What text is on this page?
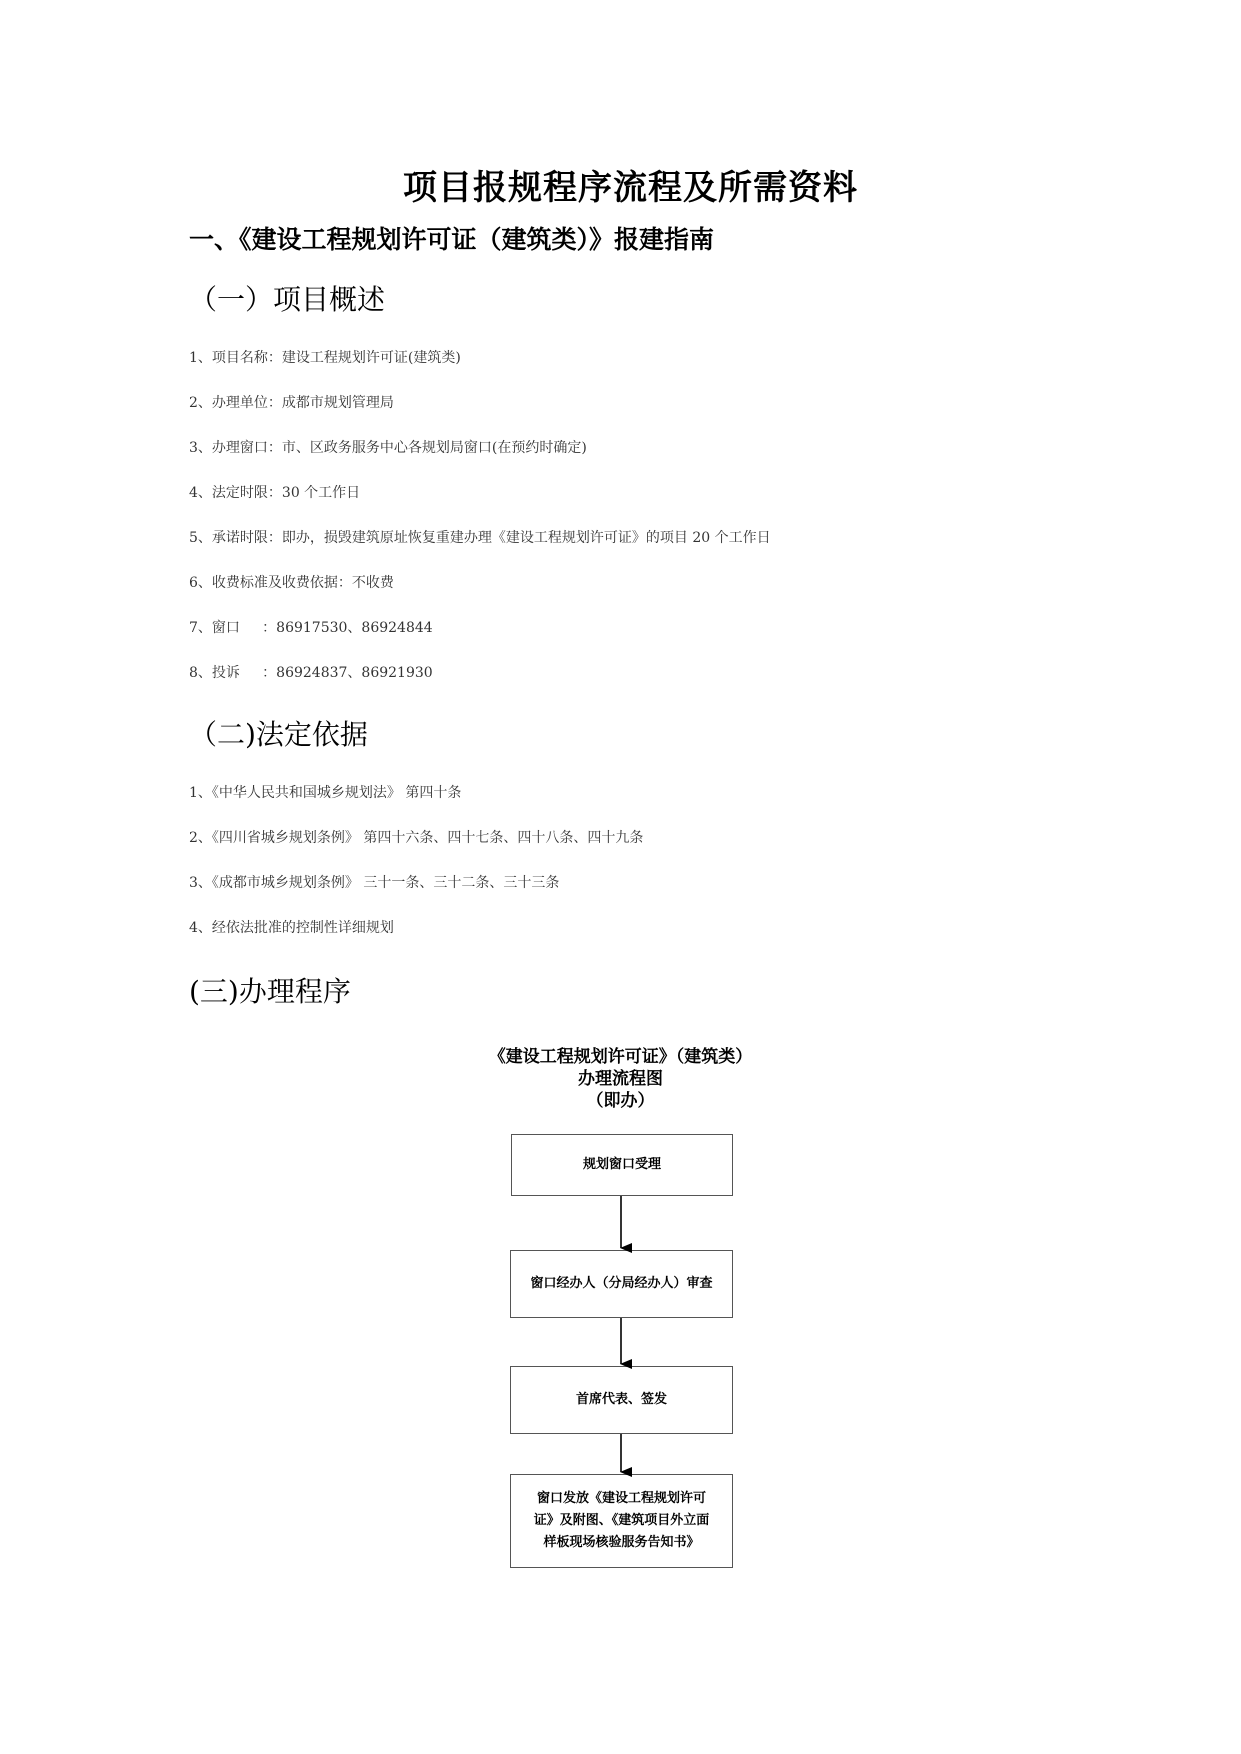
项目报规程序流程及所需资料
一、《建设工程规划许可证（建筑类）》报建指南
（一）项目概述
1、项目名称：建设工程规划许可证(建筑类)
2、办理单位：成都市规划管理局
3、办理窗口：市、区政务服务中心各规划局窗口(在预约时确定)
4、法定时限：30 个工作日
5、承诺时限：即办，损毁建筑原址恢复重建办理《建设工程规划许可证》的项目 20 个工作日
6、收费标准及收费依据：不收费
7、窗口     ：86917530、86924844
8、投诉     ：86924837、86921930
（二)法定依据
1、《中华人民共和国城乡规划法》 第四十条
2、《四川省城乡规划条例》 第四十六条、四十七条、四十八条、四十九条
3、《成都市城乡规划条例》 三十一条、三十二条、三十三条
4、经依法批准的控制性详细规划
(三)办理程序
《建设工程规划许可证》（建筑类）
办理流程图
（即办）
规划窗口受理
窗口经办人（分局经办人）审查
首席代表、签发
窗口发放《建设工程规划许可
证》及附图、《建筑项目外立面
样板现场核验服务告知书》
